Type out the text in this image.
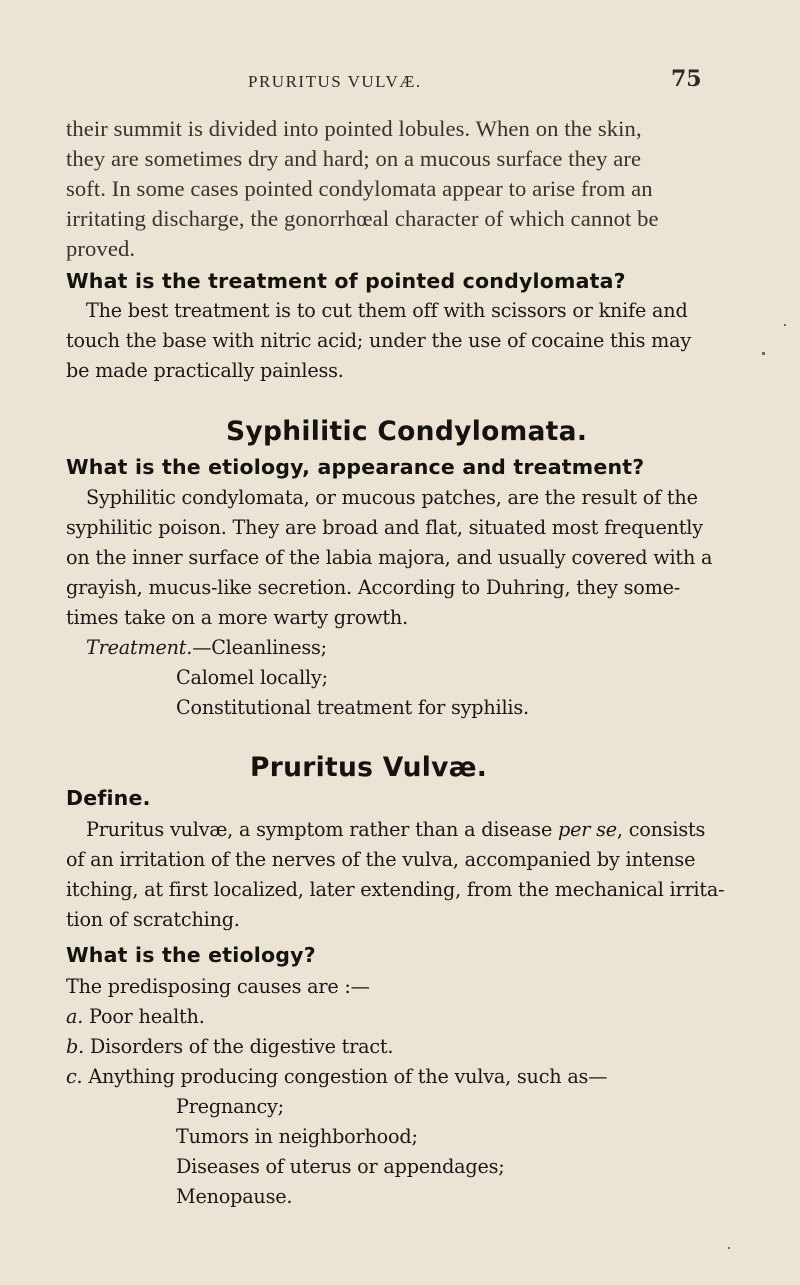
PRURITUS VULVÆ.	75
their summit is divided into pointed lobules. When on the skin,
they are sometimes dry and hard; on a mucous surface they are
soft. In some cases pointed condylomata appear to arise from an
irritating discharge, the gonorrhœal character of which cannot be
proved.
What is the treatment of pointed condylomata?
The best treatment is to cut them off with scissors or knife and
touch the base with nitric acid; under the use of cocaine this may
be made practically painless.
Syphilitic Condylomata.
What is the etiology, appearance and treatment?
Syphilitic condylomata, or mucous patches, are the result of the
syphilitic poison. They are broad and flat, situated most frequently
on the inner surface of the labia majora, and usually covered with a
grayish, mucus-like secretion. According to Duhring, they some-
times take on a more warty growth.
Treatment.—Cleanliness;
Calomel locally;
Constitutional treatment for syphilis.
Pruritus Vulvæ.
Define.
Pruritus vulvæ, a symptom rather than a disease per se, consists
of an irritation of the nerves of the vulva, accompanied by intense
itching, at first localized, later extending, from the mechanical irrita-
tion of scratching.
What is the etiology?
The predisposing causes are :—
a. Poor health.
b. Disorders of the digestive tract.
c. Anything producing congestion of the vulva, such as—
Pregnancy;
Tumors in neighborhood;
Diseases of uterus or appendages;
Menopause.
